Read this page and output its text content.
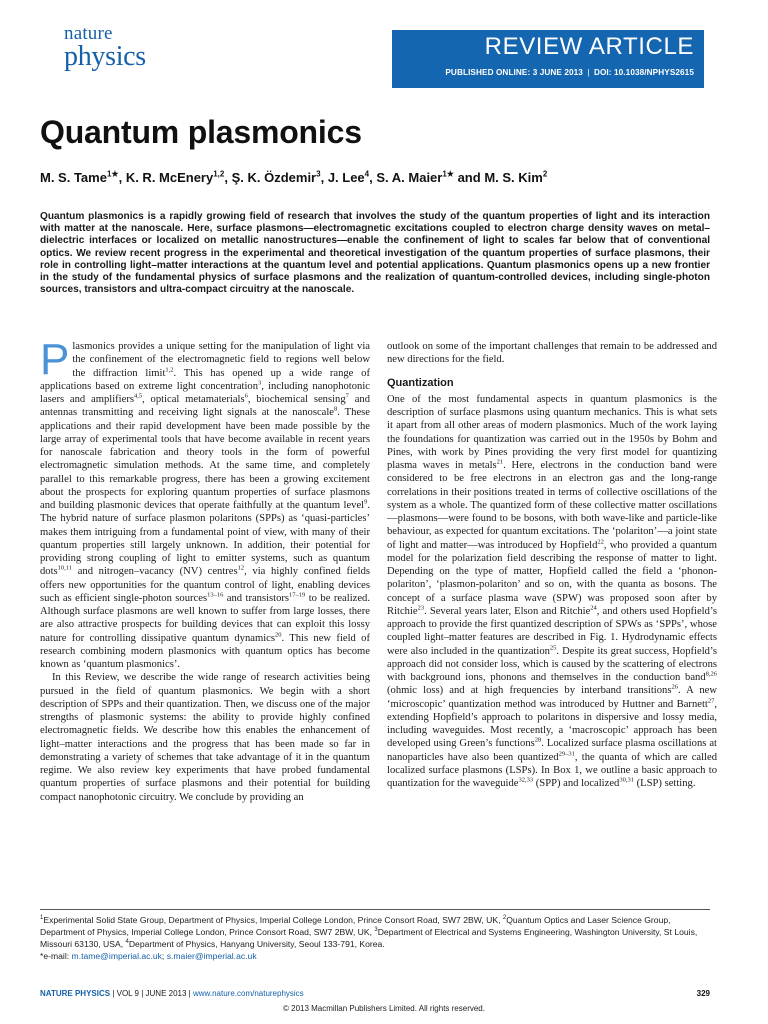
nature
physics	REVIEW ARTICLE
PUBLISHED ONLINE: 3 JUNE 2013 | DOI: 10.1038/NPHYS2615
Quantum plasmonics
M. S. Tame$^{1★}$, K. R. McEnery$^{1,2}$, Ş. K. Özdemir$^3$, J. Lee$^4$, S. A. Maier$^{1★}$ and M. S. Kim$^2$
Quantum plasmonics is a rapidly growing field of research that involves the study of the quantum properties of light and its interaction with matter at the nanoscale. Here, surface plasmons—electromagnetic excitations coupled to electron charge density waves on metal–dielectric interfaces or localized on metallic nanostructures—enable the confinement of light to scales far below that of conventional optics. We review recent progress in the experimental and theoretical investigation of the quantum properties of surface plasmons, their role in controlling light–matter interactions at the quantum level and potential applications. Quantum plasmonics opens up a new frontier in the study of the fundamental physics of surface plasmons and the realization of quantum-controlled devices, including single-photon sources, transistors and ultra-compact circuitry at the nanoscale.

Plasmonics provides a unique setting for the manipulation of light via the confinement of the electromagnetic field to regions well below the diffraction limit$^{1,2}$. This has opened up a wide range of applications based on extreme light concentration$^3$, including nanophotonic lasers and amplifiers$^{4,5}$, optical metamaterials$^6$, biochemical sensing$^7$ and antennas transmitting and receiving light signals at the nanoscale$^8$. These applications and their rapid development have been made possible by the large array of experimental tools that have become available in recent years for nanoscale fabrication and theory tools in the form of powerful electromagnetic simulation methods. At the same time, and completely parallel to this remarkable progress, there has been a growing excitement about the prospects for exploring quantum properties of surface plasmons and building plasmonic devices that operate faithfully at the quantum level$^9$. The hybrid nature of surface plasmon polaritons (SPPs) as ‘quasi-particles’ makes them intriguing from a fundamental point of view, with many of their quantum properties still largely unknown. In addition, their potential for providing strong coupling of light to emitter systems, such as quantum dots$^{10,11}$ and nitrogen–vacancy (NV) centres$^{12}$, via highly confined fields offers new opportunities for the quantum control of light, enabling devices such as efficient single-photon sources$^{13-16}$ and transistors$^{17-19}$ to be realized. Although surface plasmons are well known to suffer from large losses, there are also attractive prospects for building devices that can exploit this lossy nature for controlling dissipative quantum dynamics$^{20}$. This new field of research combining modern plasmonics with quantum optics has become known as ‘quantum plasmonics’.

In this Review, we describe the wide range of research activities being pursued in the field of quantum plasmonics. We begin with a short description of SPPs and their quantization. Then, we discuss one of the major strengths of plasmonic systems: the ability to provide highly confined electromagnetic fields. We describe how this enables the enhancement of light–matter interactions and the progress that has been made so far in demonstrating a variety of schemes that take advantage of it in the quantum regime. We also review key experiments that have probed fundamental quantum properties of surface plasmons and their potential for building compact nanophotonic circuitry. We conclude by providing an

outlook on some of the important challenges that remain to be addressed and new directions for the field.

Quantization

One of the most fundamental aspects in quantum plasmonics is the description of surface plasmons using quantum mechanics. This is what sets it apart from all other areas of modern plasmonics. Much of the work laying the foundations for quantization was carried out in the 1950s by Bohm and Pines, with work by Pines providing the very first model for quantizing plasma waves in metals$^{21}$. Here, electrons in the conduction band were considered to be free electrons in an electron gas and the long-range correlations in their positions treated in terms of collective oscillations of the system as a whole. The quantized form of these collective matter oscillations—plasmons—were found to be bosons, with both wave-like and particle-like behaviour, as expected for quantum excitations. The ‘polariton’—a joint state of light and matter—was introduced by Hopfield$^{22}$, who provided a quantum model for the polarization field describing the response of matter to light. Depending on the type of matter, Hopfield called the field a ‘phonon-polariton’, ‘plasmon-polariton’ and so on, with the quanta as bosons. The concept of a surface plasma wave (SPW) was proposed soon after by Ritchie$^{23}$. Several years later, Elson and Ritchie$^{24}$, and others used Hopfield’s approach to provide the first quantized description of SPWs as ‘SPPs’, whose coupled light–matter features are described in Fig. 1. Hydrodynamic effects were also included in the quantization$^{25}$. Despite its great success, Hopfield’s approach did not consider loss, which is caused by the scattering of electrons with background ions, phonons and themselves in the conduction band$^{8,26}$ (ohmic loss) and at high frequencies by interband transitions$^{26}$. A new ‘microscopic’ quantization method was introduced by Huttner and Barnett$^{27}$, extending Hopfield’s approach to polaritons in dispersive and lossy media, including waveguides. Most recently, a ‘macroscopic’ approach has been developed using Green’s functions$^{28}$. Localized surface plasma oscillations at nanoparticles have also been quantized$^{29-31}$, the quanta of which are called localized surface plasmons (LSPs). In Box 1, we outline a basic approach to quantization for the waveguide$^{32,33}$ (SPP) and localized$^{30,31}$ (LSP) setting.

$^1$Experimental Solid State Group, Department of Physics, Imperial College London, Prince Consort Road, SW7 2BW, UK, $^2$Quantum Optics and Laser Science Group, Department of Physics, Imperial College London, Prince Consort Road, SW7 2BW, UK, $^3$Department of Electrical and Systems Engineering, Washington University, St Louis, Missouri 63130, USA, $^4$Department of Physics, Hanyang University, Seoul 133-791, Korea.
*e-mail: m.tame@imperial.ac.uk; s.maier@imperial.ac.uk
NATURE PHYSICS | VOL 9 | JUNE 2013 | www.nature.com/naturephysics	329
© 2013 Macmillan Publishers Limited. All rights reserved.
